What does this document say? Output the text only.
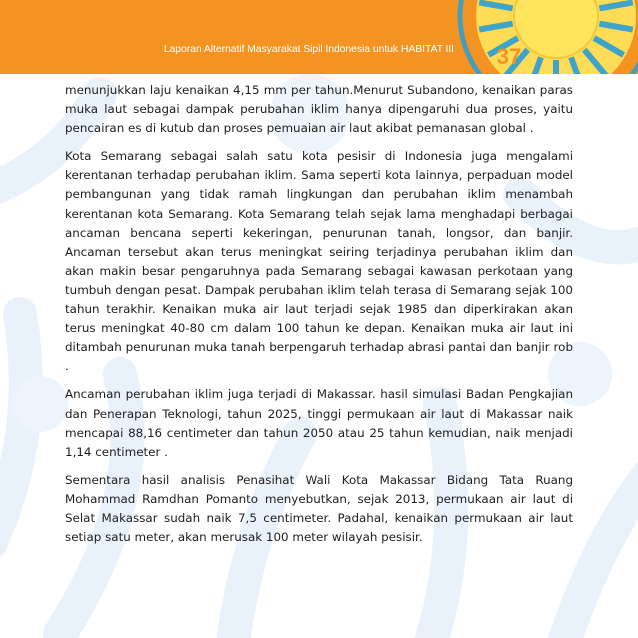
Laporan Alternatif Masyarakat Sipil Indonesia untuk HABITAT III	37

menunjukkan laju kenaikan 4,15 mm per tahun.Menurut Subandono, kenaikan paras muka laut sebagai dampak perubahan iklim hanya dipengaruhi dua proses, yaitu pencairan es di kutub dan proses pemuaian air laut akibat pemanasan global .

Kota Semarang sebagai salah satu kota pesisir di Indonesia juga mengalami kerentanan terhadap perubahan iklim. Sama seperti kota lainnya, perpaduan model pembangunan yang tidak ramah lingkungan dan perubahan iklim menambah kerentanan kota Semarang. Kota Semarang telah sejak lama menghadapi berbagai ancaman bencana seperti kekeringan, penurunan tanah, longsor, dan banjir. Ancaman tersebut akan terus meningkat seiring terjadinya perubahan iklim dan akan makin besar pengaruhnya pada Semarang sebagai kawasan perkotaan yang tumbuh dengan pesat. Dampak perubahan iklim telah terasa di Semarang sejak 100 tahun terakhir. Kenaikan muka air laut terjadi sejak 1985 dan diperkirakan akan terus meningkat 40-80 cm dalam 100 tahun ke depan. Kenaikan muka air laut ini ditambah penurunan muka tanah berpengaruh terhadap abrasi pantai dan banjir rob .

Ancaman perubahan iklim juga terjadi di Makassar. hasil simulasi Badan Pengkajian dan Penerapan Teknologi, tahun 2025, tinggi permukaan air laut di Makassar naik mencapai 88,16 centimeter dan tahun 2050 atau 25 tahun kemudian, naik menjadi 1,14 centimeter .

Sementara hasil analisis Penasihat Wali Kota Makassar Bidang Tata Ruang Mohammad Ramdhan Pomanto menyebutkan, sejak 2013, permukaan air laut di Selat Makassar sudah naik 7,5 centimeter. Padahal, kenaikan permukaan air laut setiap satu meter, akan merusak 100 meter wilayah pesisir.
